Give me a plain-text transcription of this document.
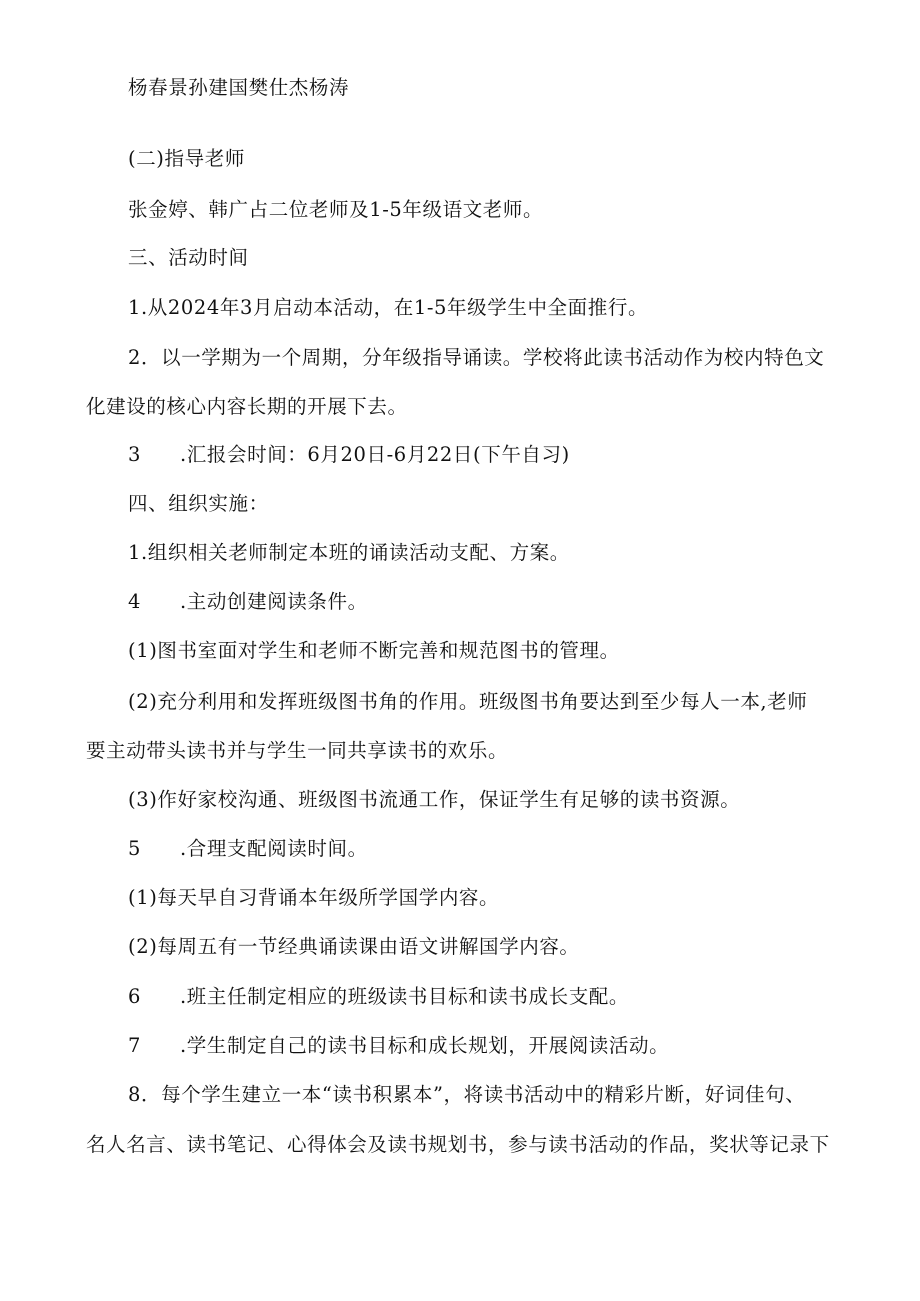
杨春景孙建国樊仕杰杨涛
(二)指导老师
张金婷、韩广占二位老师及1-5年级语文老师。
三、活动时间
1.从2024年3月启动本活动，在1-5年级学生中全面推行。
2．以一学期为一个周期，分年级指导诵读。学校将此读书活动作为校内特色文
化建设的核心内容长期的开展下去。
3 .汇报会时间：6月20日-6月22日(下午自习)
四、组织实施：
1.组织相关老师制定本班的诵读活动支配、方案。
4 .主动创建阅读条件。
(1)图书室面对学生和老师不断完善和规范图书的管理。
(2)充分利用和发挥班级图书角的作用。班级图书角要达到至少每人一本,老师
要主动带头读书并与学生一同共享读书的欢乐。
(3)作好家校沟通、班级图书流通工作，保证学生有足够的读书资源。
5 .合理支配阅读时间。
(1)每天早自习背诵本年级所学国学内容。
(2)每周五有一节经典诵读课由语文讲解国学内容。
6 .班主任制定相应的班级读书目标和读书成长支配。
7 .学生制定自己的读书目标和成长规划，开展阅读活动。
8．每个学生建立一本“读书积累本”，将读书活动中的精彩片断，好词佳句、
名人名言、读书笔记、心得体会及读书规划书，参与读书活动的作品，奖状等记录下
